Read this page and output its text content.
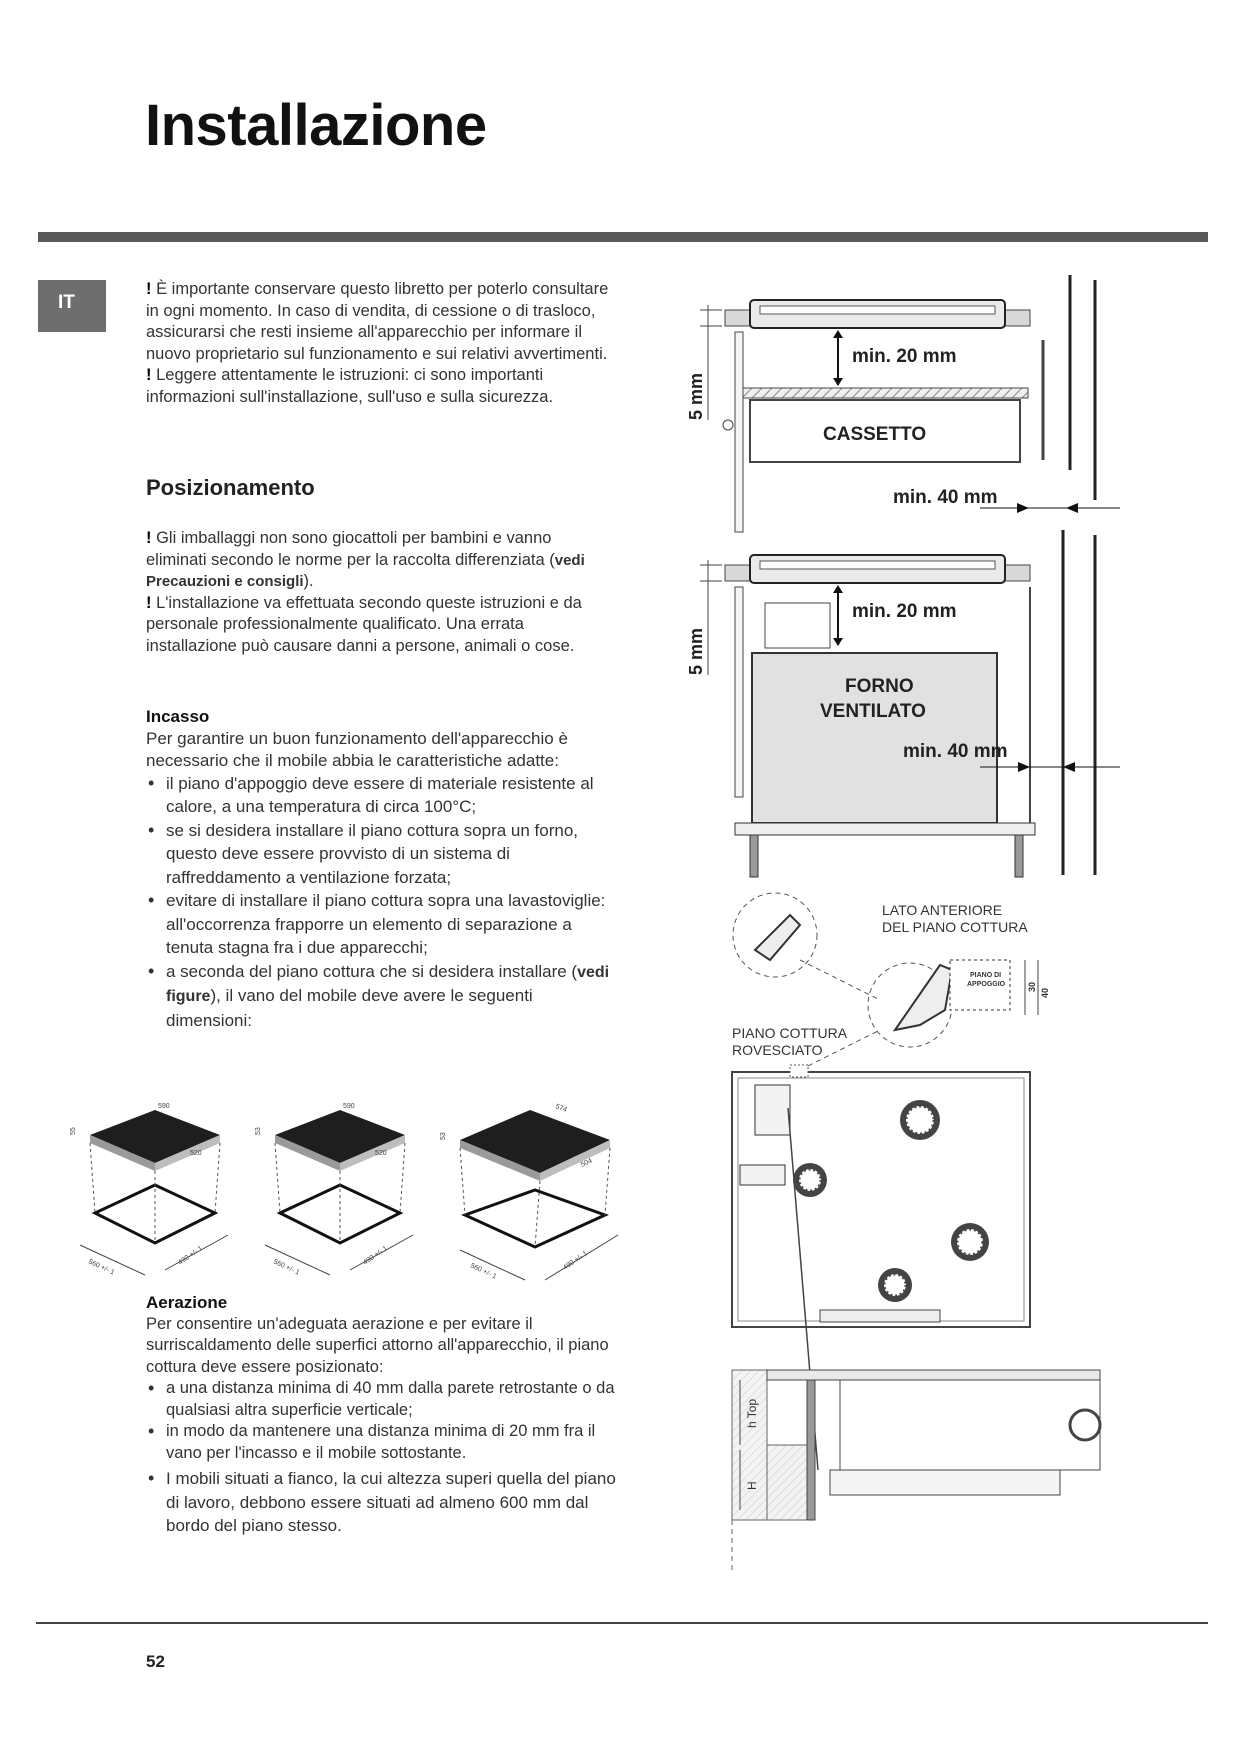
Installazione
IT

! È importante conservare questo libretto per poterlo consultare in ogni momento. In caso di vendita, di cessione o di trasloco, assicurarsi che resti insieme all'apparecchio per informare il nuovo proprietario sul funzionamento e sui relativi avvertimenti.

! Leggere attentamente le istruzioni: ci sono importanti informazioni sull'installazione, sull'uso e sulla sicurezza.

Posizionamento

! Gli imballaggi non sono giocattoli per bambini e vanno eliminati secondo le norme per la raccolta differenziata (vedi Precauzioni e consigli).

! L'installazione va effettuata secondo queste istruzioni e da personale professionalmente qualificato. Una errata installazione può causare danni a persone, animali o cose.

Incasso

Per garantire un buon funzionamento dell'apparecchio è necessario che il mobile abbia le caratteristiche adatte:

• il piano d'appoggio deve essere di materiale resistente al calore, a una temperatura di circa 100°C;
• se si desidera installare il piano cottura sopra un forno, questo deve essere provvisto di un sistema di raffreddamento a ventilazione forzata;
• evitare di installare il piano cottura sopra una lavastoviglie: all'occorrenza frapporre un elemento di separazione a tenuta stagna fra i due apparecchi;
• a seconda del piano cottura che si desidera installare (vedi figure), il vano del mobile deve avere le seguenti dimensioni:
590
520
55
560 +/- 1
490 +/- 1
590
520
53
560 +/- 1
490 +/- 1
574
504
53
560 +/- 1	490 +/- 1
Aerazione

Per consentire un'adeguata aerazione e per evitare il surriscaldamento delle superfici attorno all'apparecchio, il piano cottura deve essere posizionato:

• a una distanza minima di 40 mm dalla parete retrostante o da qualsiasi altra superficie verticale;
• in modo da mantenere una distanza minima di 20 mm fra il vano per l'incasso e il mobile sottostante.
• I mobili situati a fianco, la cui altezza superi quella del piano di lavoro, debbono essere situati ad almeno 600 mm dal bordo del piano stesso.
5 mm
min. 20 mm
CASSETTO
min. 40 mm
5 mm
min. 20 mm
FORNO
VENTILATO
min. 40 mm
LATO ANTERIORE
DEL PIANO COTTURA
PIANO DI
APPOGGIO 30
40
PIANO COTTURA
ROVESCIATO
h Top
H
52
